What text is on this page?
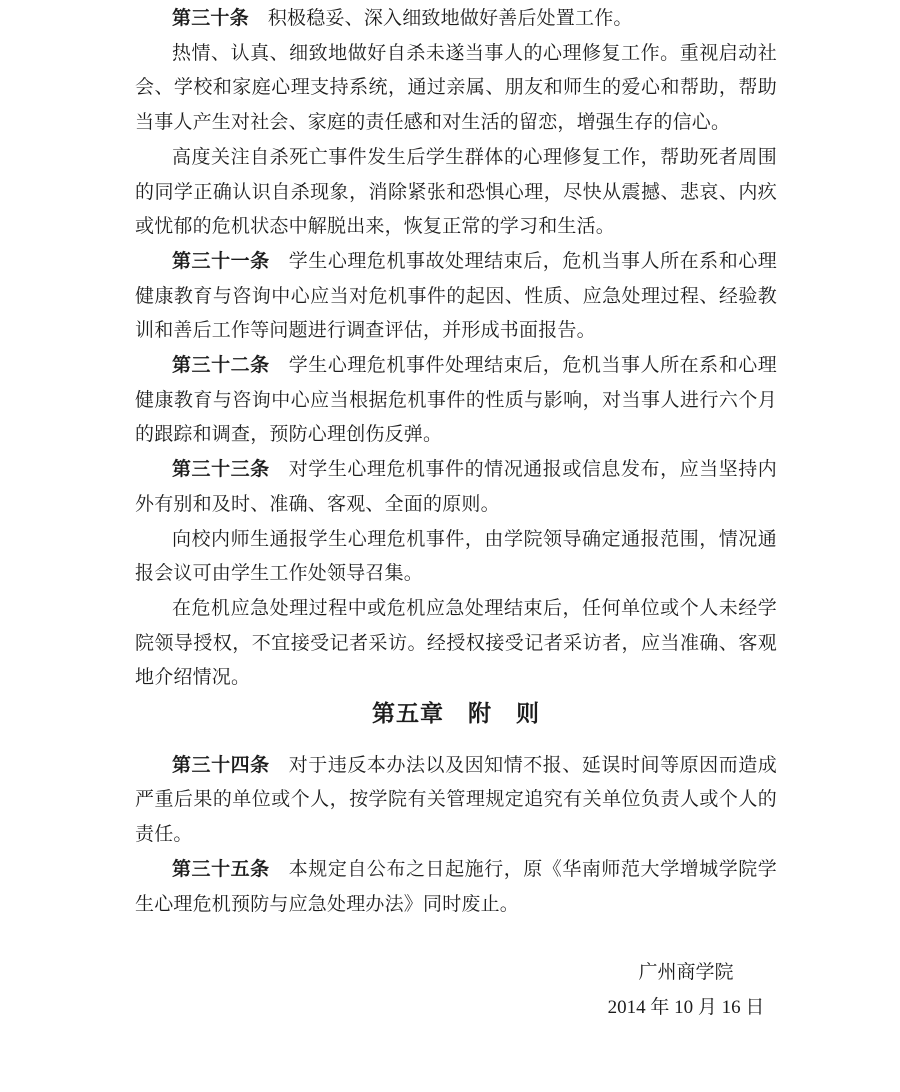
第三十条 积极稳妥、深入细致地做好善后处置工作。

热情、认真、细致地做好自杀未遂当事人的心理修复工作。重视启动社会、学校和家庭心理支持系统，通过亲属、朋友和师生的爱心和帮助，帮助当事人产生对社会、家庭的责任感和对生活的留恋，增强生存的信心。

高度关注自杀死亡事件发生后学生群体的心理修复工作，帮助死者周围的同学正确认识自杀现象，消除紧张和恐惧心理，尽快从震撼、悲哀、内疚或忧郁的危机状态中解脱出来，恢复正常的学习和生活。

第三十一条 学生心理危机事故处理结束后，危机当事人所在系和心理健康教育与咨询中心应当对危机事件的起因、性质、应急处理过程、经验教训和善后工作等问题进行调查评估，并形成书面报告。

第三十二条 学生心理危机事件处理结束后，危机当事人所在系和心理健康教育与咨询中心应当根据危机事件的性质与影响，对当事人进行六个月的跟踪和调查，预防心理创伤反弹。

第三十三条 对学生心理危机事件的情况通报或信息发布，应当坚持内外有别和及时、准确、客观、全面的原则。

向校内师生通报学生心理危机事件，由学院领导确定通报范围，情况通报会议可由学生工作处领导召集。

在危机应急处理过程中或危机应急处理结束后，任何单位或个人未经学院领导授权，不宜接受记者采访。经授权接受记者采访者，应当准确、客观地介绍情况。

第五章　附　则

第三十四条 对于违反本办法以及因知情不报、延误时间等原因而造成严重后果的单位或个人，按学院有关管理规定追究有关单位负责人或个人的责任。

第三十五条 本规定自公布之日起施行，原《华南师范大学增城学院学生心理危机预防与应急处理办法》同时废止。

广州商学院
2014 年 10 月 16 日
